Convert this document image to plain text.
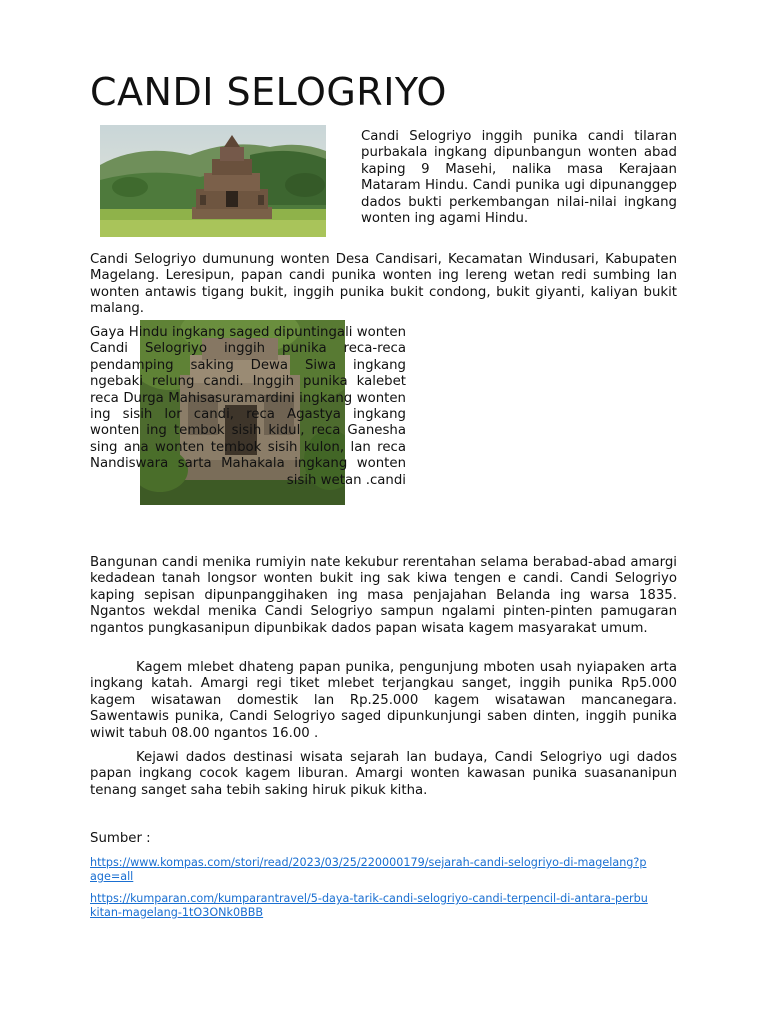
CANDI SELOGRIYO

Candi Selogriyo inggih punika candi tilaran purbakala ingkang dipunbangun wonten abad kaping 9 Masehi, nalika masa Kerajaan Mataram Hindu. Candi punika ugi dipunanggep dados bukti perkembangan nilai-nilai ingkang wonten ing agami Hindu.

Candi Selogriyo dumunung wonten Desa Candisari, Kecamatan Windusari, Kabupaten Magelang. Leresipun, papan candi punika wonten ing lereng wetan redi sumbing lan wonten antawis tigang bukit, inggih punika bukit condong, bukit giyanti, kaliyan bukit malang.

Gaya Hindu ingkang saged dipuntingali wonten Candi Selogriyo inggih punika reca-reca pendamping saking Dewa Siwa ingkang ngebaki relung candi. Inggih punika kalebet reca Durga Mahisasuramardini ingkang wonten ing sisih lor candi, reca Agastya ingkang wonten ing tembok sisih kidul, reca Ganesha sing ana wonten tembok sisih kulon, lan reca Nandiswara sarta Mahakala ingkang wonten sisih wetan .candi

Bangunan candi menika rumiyin nate kekubur rerentahan selama berabad-abad amargi kedadean tanah longsor wonten bukit ing sak kiwa tengen e candi. Candi Selogriyo kaping sepisan dipunpanggihaken ing masa penjajahan Belanda ing warsa 1835. Ngantos wekdal menika Candi Selogriyo sampun ngalami pinten-pinten pamugaran ngantos pungkasanipun dipunbikak dados papan wisata kagem masyarakat umum.

Kagem mlebet dhateng papan punika, pengunjung mboten usah nyiapaken arta ingkang katah. Amargi regi tiket mlebet terjangkau sanget, inggih punika Rp5.000 kagem wisatawan domestik lan Rp.25.000 kagem wisatawan mancanegara. Sawentawis punika, Candi Selogriyo saged dipunkunjungi saben dinten, inggih punika wiwit tabuh 08.00 ngantos 16.00 .

Kejawi dados destinasi wisata sejarah lan budaya, Candi Selogriyo ugi dados papan ingkang cocok kagem liburan. Amargi wonten kawasan punika suasananipun tenang sanget saha tebih saking hiruk pikuk kitha.

Sumber :
https://www.kompas.com/stori/read/2023/03/25/220000179/sejarah-candi-selogriyo-di-magelang?page=all
https://kumparan.com/kumparantravel/5-daya-tarik-candi-selogriyo-candi-terpencil-di-antara-perbukitan-magelang-1tO3ONk0BBB
